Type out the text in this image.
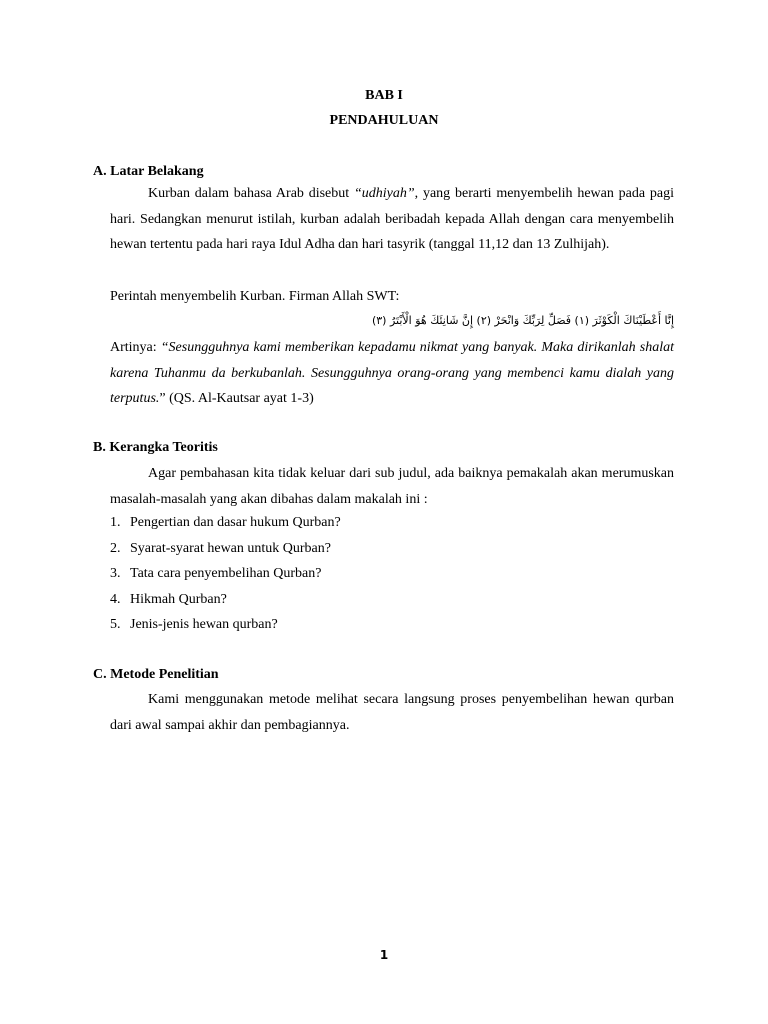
BAB I
PENDAHULUAN
A. Latar Belakang
Kurban dalam bahasa Arab disebut “udhiyah”, yang berarti menyembelih hewan pada pagi hari. Sedangkan menurut istilah, kurban adalah beribadah kepada Allah dengan cara menyembelih hewan tertentu pada hari raya Idul Adha dan hari tasyrik (tanggal 11,12 dan 13 Zulhijah).
Perintah menyembelih Kurban. Firman Allah SWT:
إِنَّا أَعْطَيْنَاكَ الْكَوْثَرَ (١) فَصَلِّ لِرَبِّكَ وَانْحَرْ (٢) إِنَّ شَانِئَكَ هُوَ الْأَبْتَرُ (٣)
Artinya: “Sesungguhnya kami memberikan kepadamu nikmat yang banyak. Maka dirikanlah shalat karena Tuhanmu da berkubanlah. Sesungguhnya orang-orang yang membenci kamu dialah yang terputus.” (QS. Al-Kautsar ayat 1-3)
B. Kerangka Teoritis
Agar pembahasan kita tidak keluar dari sub judul, ada baiknya pemakalah akan merumuskan masalah-masalah yang akan dibahas dalam makalah ini :
1. Pengertian dan dasar hukum Qurban?
2. Syarat-syarat hewan untuk Qurban?
3. Tata cara penyembelihan Qurban?
4. Hikmah Qurban?
5. Jenis-jenis hewan qurban?
C. Metode Penelitian
Kami menggunakan metode melihat secara langsung proses penyembelihan hewan qurban dari awal sampai akhir dan pembagiannya.
1
